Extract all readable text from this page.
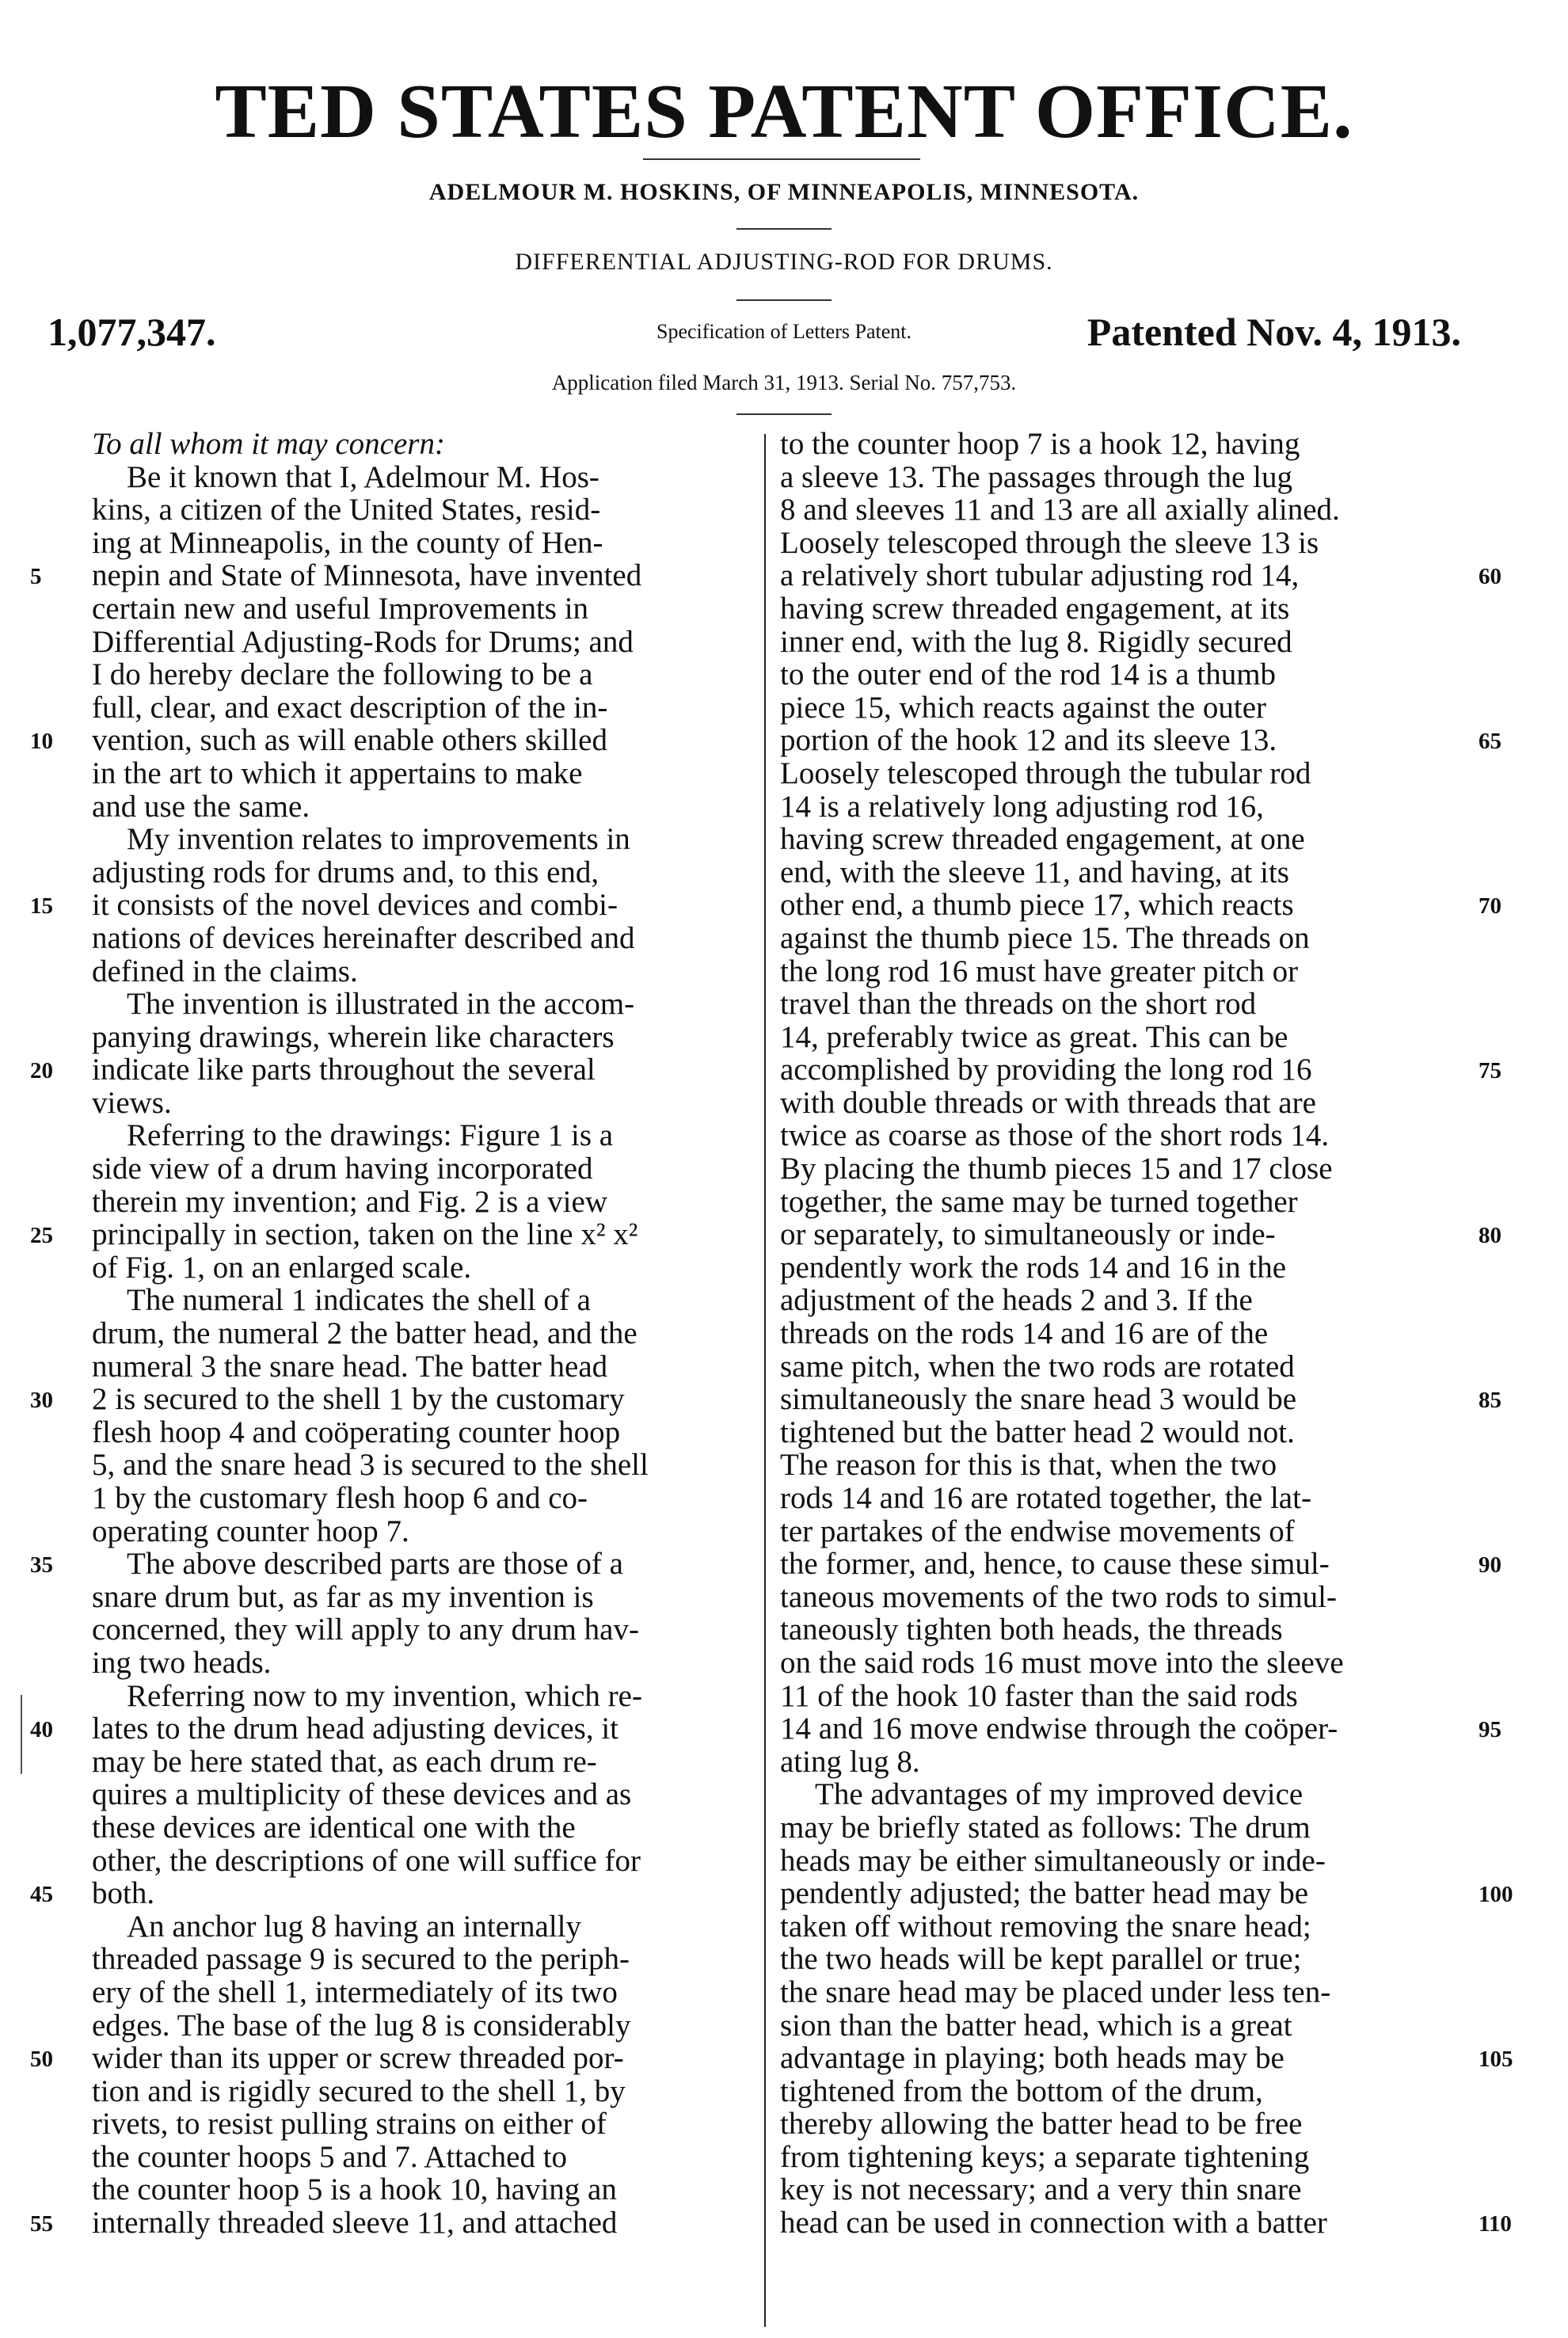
TED STATES PATENT OFFICE.
ADELMOUR M. HOSKINS, OF MINNEAPOLIS, MINNESOTA.
DIFFERENTIAL ADJUSTING-ROD FOR DRUMS.
1,077,347.	Specification of Letters Patent.	Patented Nov. 4, 1913.
Application filed March 31, 1913. Serial No. 757,753.
To all whom it may concern:
Be it known that I, Adelmour M. Hos-
kins, a citizen of the United States, resid-
ing at Minneapolis, in the county of Hen-
nepin and State of Minnesota, have invented
certain new and useful Improvements in
Differential Adjusting-Rods for Drums; and
I do hereby declare the following to be a
full, clear, and exact description of the in-
vention, such as will enable others skilled
in the art to which it appertains to make
and use the same.
My invention relates to improvements in
adjusting rods for drums and, to this end,
it consists of the novel devices and combi-
nations of devices hereinafter described and
defined in the claims.
The invention is illustrated in the accom-
panying drawings, wherein like characters
indicate like parts throughout the several
views.
Referring to the drawings: Figure 1 is a
side view of a drum having incorporated
therein my invention; and Fig. 2 is a view
principally in section, taken on the line x² x²
of Fig. 1, on an enlarged scale.
The numeral 1 indicates the shell of a
drum, the numeral 2 the batter head, and the
numeral 3 the snare head. The batter head
2 is secured to the shell 1 by the customary
flesh hoop 4 and coöperating counter hoop
5, and the snare head 3 is secured to the shell
1 by the customary flesh hoop 6 and co-
operating counter hoop 7.
The above described parts are those of a
snare drum but, as far as my invention is
concerned, they will apply to any drum hav-
ing two heads.
Referring now to my invention, which re-
lates to the drum head adjusting devices, it
may be here stated that, as each drum re-
quires a multiplicity of these devices and as
these devices are identical one with the
other, the descriptions of one will suffice for
both.
An anchor lug 8 having an internally
threaded passage 9 is secured to the periph-
ery of the shell 1, intermediately of its two
edges. The base of the lug 8 is considerably
wider than its upper or screw threaded por-
tion and is rigidly secured to the shell 1, by
rivets, to resist pulling strains on either of
the counter hoops 5 and 7. Attached to
the counter hoop 5 is a hook 10, having an
internally threaded sleeve 11, and attached
to the counter hoop 7 is a hook 12, having
a sleeve 13. The passages through the lug
8 and sleeves 11 and 13 are all axially alined.
Loosely telescoped through the sleeve 13 is
a relatively short tubular adjusting rod 14,
having screw threaded engagement, at its
inner end, with the lug 8. Rigidly secured
to the outer end of the rod 14 is a thumb
piece 15, which reacts against the outer
portion of the hook 12 and its sleeve 13.
Loosely telescoped through the tubular rod
14 is a relatively long adjusting rod 16,
having screw threaded engagement, at one
end, with the sleeve 11, and having, at its
other end, a thumb piece 17, which reacts
against the thumb piece 15. The threads on
the long rod 16 must have greater pitch or
travel than the threads on the short rod
14, preferably twice as great. This can be
accomplished by providing the long rod 16
with double threads or with threads that are
twice as coarse as those of the short rods 14.
By placing the thumb pieces 15 and 17 close
together, the same may be turned together
or separately, to simultaneously or inde-
pendently work the rods 14 and 16 in the
adjustment of the heads 2 and 3. If the
threads on the rods 14 and 16 are of the
same pitch, when the two rods are rotated
simultaneously the snare head 3 would be
tightened but the batter head 2 would not.
The reason for this is that, when the two
rods 14 and 16 are rotated together, the lat-
ter partakes of the endwise movements of
the former, and, hence, to cause these simul-
taneous movements of the two rods to simul-
taneously tighten both heads, the threads
on the said rods 16 must move into the sleeve
11 of the hook 10 faster than the said rods
14 and 16 move endwise through the coöper-
ating lug 8.
The advantages of my improved device
may be briefly stated as follows: The drum
heads may be either simultaneously or inde-
pendently adjusted; the batter head may be
taken off without removing the snare head;
the two heads will be kept parallel or true;
the snare head may be placed under less ten-
sion than the batter head, which is a great
advantage in playing; both heads may be
tightened from the bottom of the drum,
thereby allowing the batter head to be free
from tightening keys; a separate tightening
key is not necessary; and a very thin snare
head can be used in connection with a batter
5
10
15
20
25
30
35
40
45
50
55
60
65
70
75
80
85
90
95
100
105
110
